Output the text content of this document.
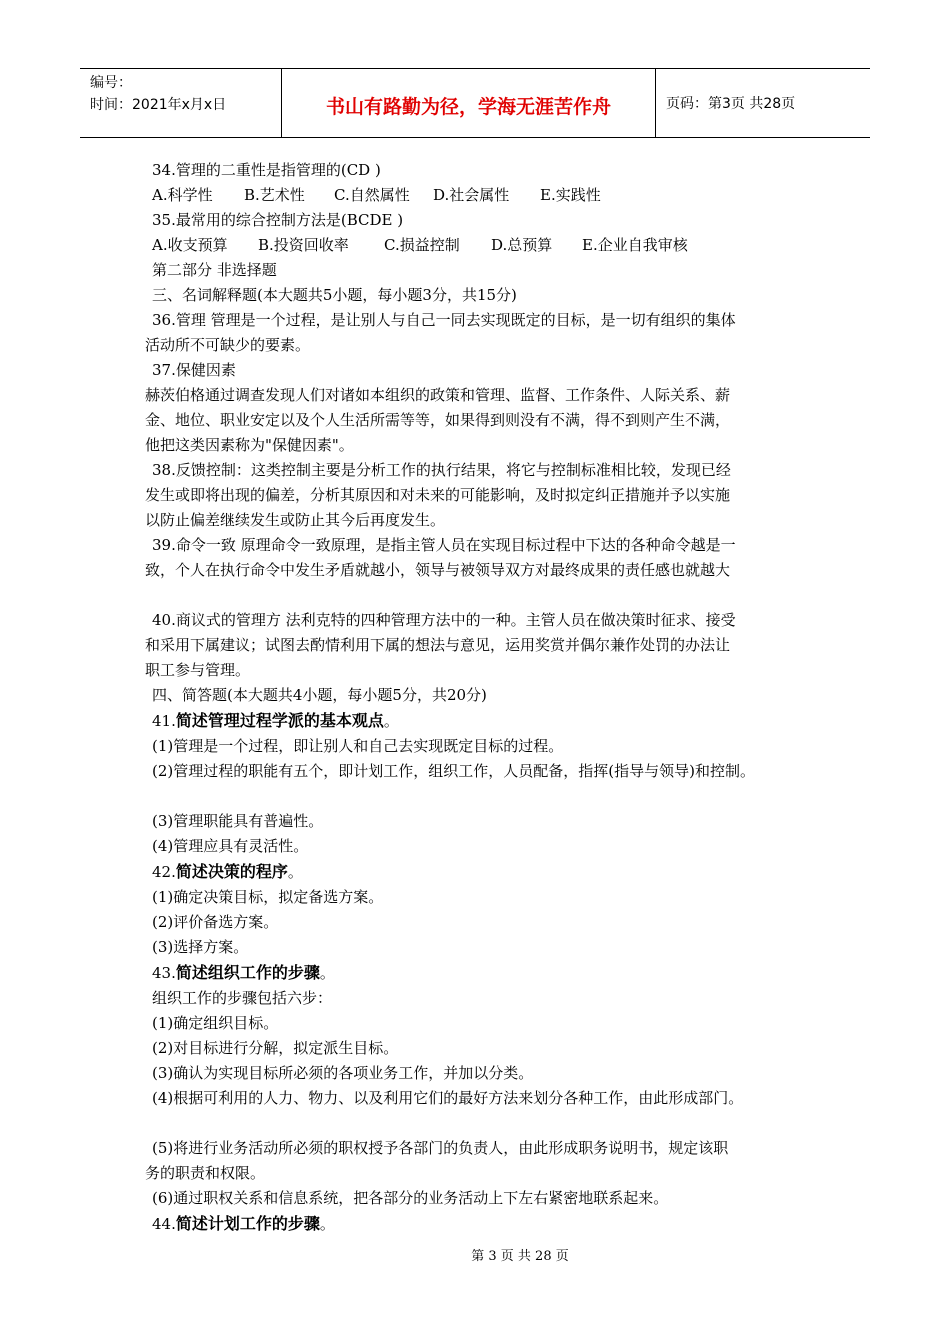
编号：
时间：2021年x月x日	书山有路勤为径，学海无涯苦作舟	页码：第3页 共28页

34.管理的二重性是指管理的(CD )

A.科学性 B.艺术性 C.自然属性 D.社会属性 E.实践性

35.最常用的综合控制方法是(BCDE )

A.收支预算 B.投资回收率 C.损益控制 D.总预算 E.企业自我审核

第二部分 非选择题

三、名词解释题(本大题共5小题，每小题3分，共15分)

36.管理 管理是一个过程，是让别人与自己一同去实现既定的目标，是一切有组织的集体

活动所不可缺少的要素。

37.保健因素

赫茨伯格通过调查发现人们对诸如本组织的政策和管理、监督、工作条件、人际关系、薪

金、地位、职业安定以及个人生活所需等等，如果得到则没有不满，得不到则产生不满，

他把这类因素称为"保健因素"。

38.反馈控制：这类控制主要是分析工作的执行结果，将它与控制标准相比较，发现已经

发生或即将出现的偏差，分析其原因和对未来的可能影响，及时拟定纠正措施并予以实施

以防止偏差继续发生或防止其今后再度发生。

39.命令一致 原理命令一致原理，是指主管人员在实现目标过程中下达的各种命令越是一

致，个人在执行命令中发生矛盾就越小，领导与被领导双方对最终成果的责任感也就越大

40.商议式的管理方 法利克特的四种管理方法中的一种。主管人员在做决策时征求、接受

和采用下属建议；试图去酌情利用下属的想法与意见，运用奖赏并偶尔兼作处罚的办法让

职工参与管理。

四、简答题(本大题共4小题，每小题5分，共20分)

41.简述管理过程学派的基本观点。

(1)管理是一个过程，即让别人和自己去实现既定目标的过程。

(2)管理过程的职能有五个，即计划工作，组织工作，人员配备，指挥(指导与领导)和控制。

(3)管理职能具有普遍性。

(4)管理应具有灵活性。

42.简述决策的程序。

(1)确定决策目标，拟定备选方案。

(2)评价备选方案。

(3)选择方案。

43.简述组织工作的步骤。

组织工作的步骤包括六步：

(1)确定组织目标。

(2)对目标进行分解，拟定派生目标。

(3)确认为实现目标所必须的各项业务工作，并加以分类。

(4)根据可利用的人力、物力、以及利用它们的最好方法来划分各种工作，由此形成部门。

(5)将进行业务活动所必须的职权授予各部门的负责人，由此形成职务说明书，规定该职

务的职责和权限。

(6)通过职权关系和信息系统，把各部分的业务活动上下左右紧密地联系起来。

44.简述计划工作的步骤。

第 3 页 共 28 页
